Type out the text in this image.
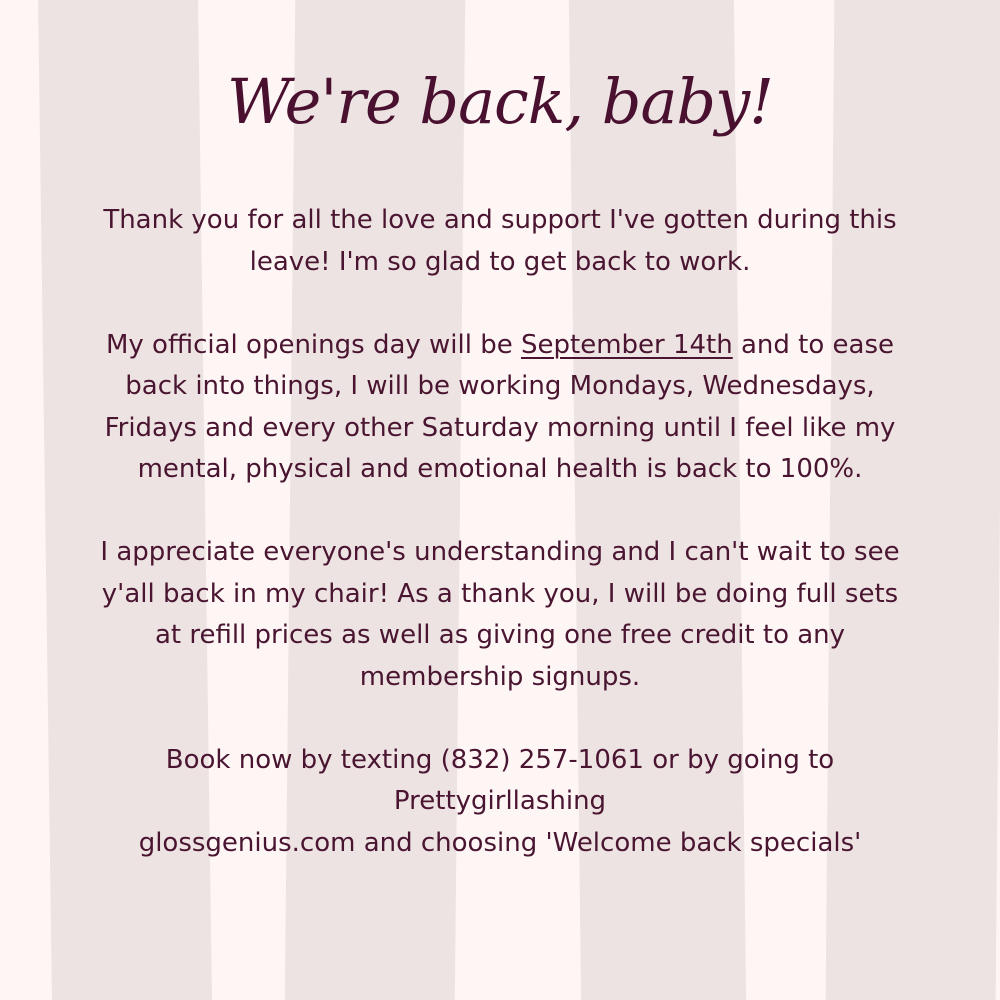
We're back, baby!

Thank you for all the love and support I've gotten during this leave! I'm so glad to get back to work.

My official openings day will be September 14th and to ease back into things, I will be working Mondays, Wednesdays, Fridays and every other Saturday morning until I feel like my mental, physical and emotional health is back to 100%.

I appreciate everyone's understanding and I can't wait to see y'all back in my chair! As a thank you, I will be doing full sets at refill prices as well as giving one free credit to any membership signups.

Book now by texting (832) 257-1061 or by going to
Prettygirllashing
glossgenius.com and choosing 'Welcome back specials'
